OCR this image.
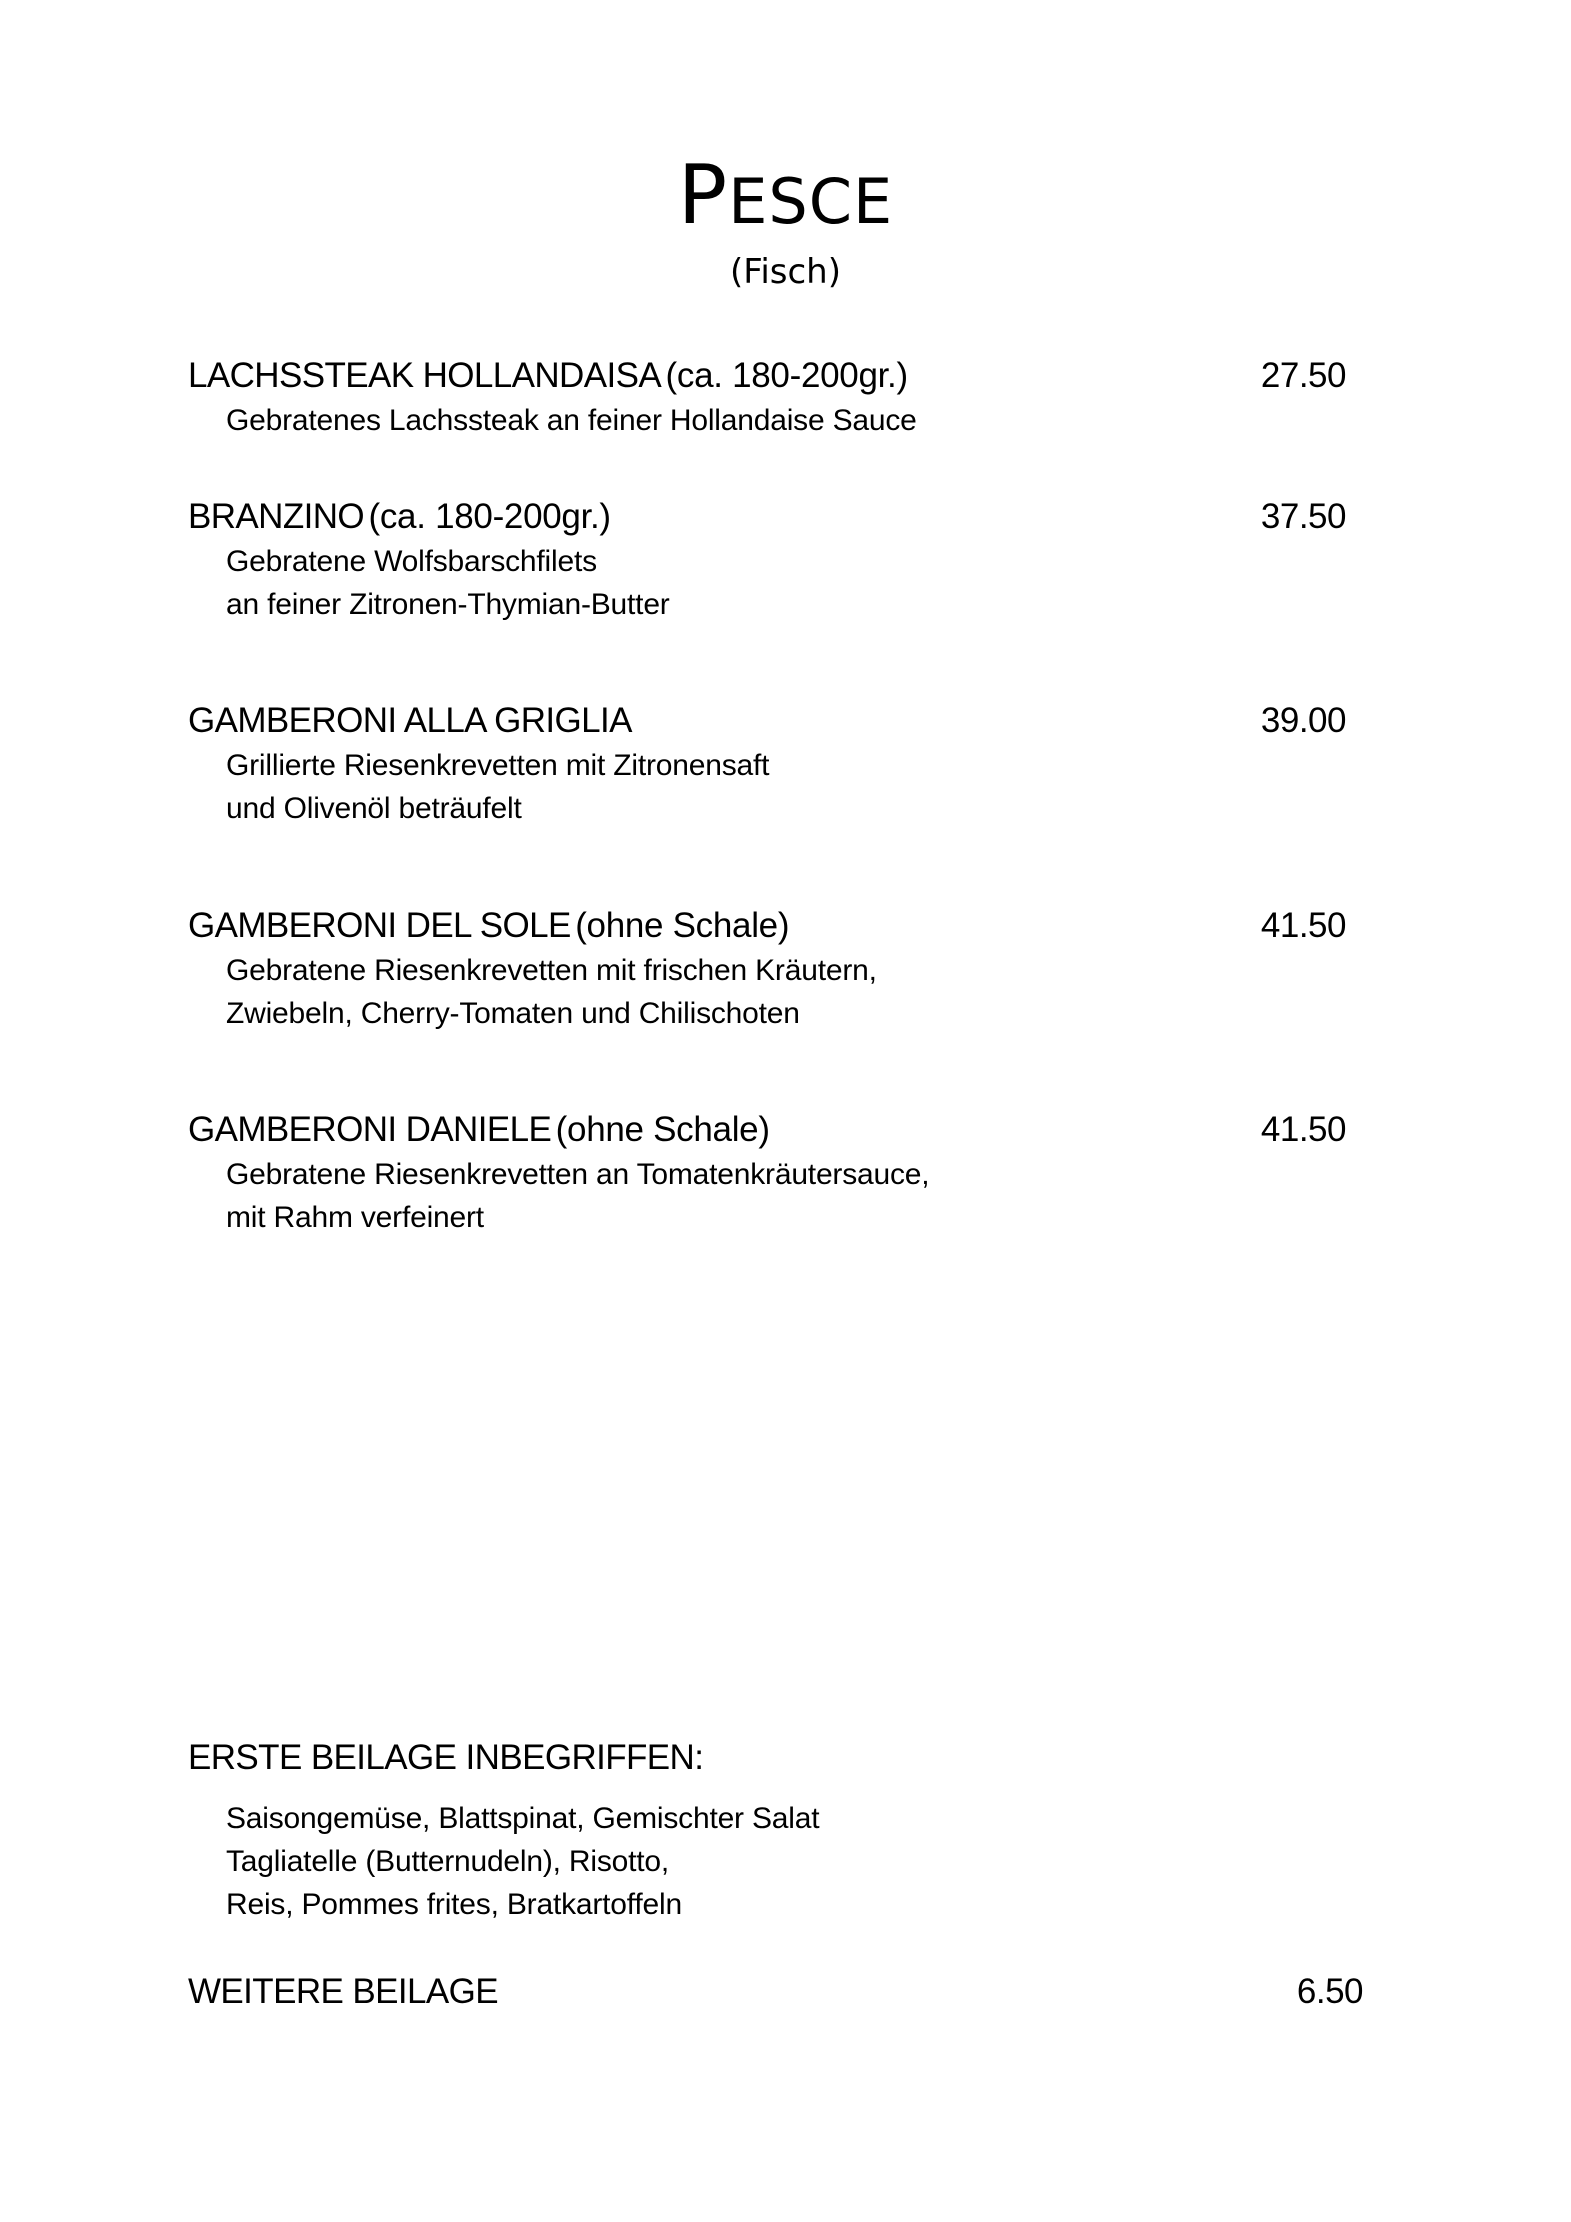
PESCE
(Fisch)
LACHSSTEAK HOLLANDAISA (ca. 180-200gr.)	27.50
Gebratenes Lachssteak an feiner Hollandaise Sauce
BRANZINO (ca. 180-200gr.)	37.50
Gebratene Wolfsbarschfilets
an feiner Zitronen-Thymian-Butter
GAMBERONI ALLA GRIGLIA	39.00
Grillierte Riesenkrevetten mit Zitronensaft
und Olivenöl beträufelt
GAMBERONI DEL SOLE (ohne Schale)	41.50
Gebratene Riesenkrevetten mit frischen Kräutern,
Zwiebeln, Cherry-Tomaten und Chilischoten
GAMBERONI DANIELE (ohne Schale)	41.50
Gebratene Riesenkrevetten an Tomatenkräutersauce,
mit Rahm verfeinert
ERSTE BEILAGE INBEGRIFFEN:
Saisongemüse, Blattspinat, Gemischter Salat
Tagliatelle (Butternudeln), Risotto,
Reis, Pommes frites, Bratkartoffeln
WEITERE BEILAGE	6.50
